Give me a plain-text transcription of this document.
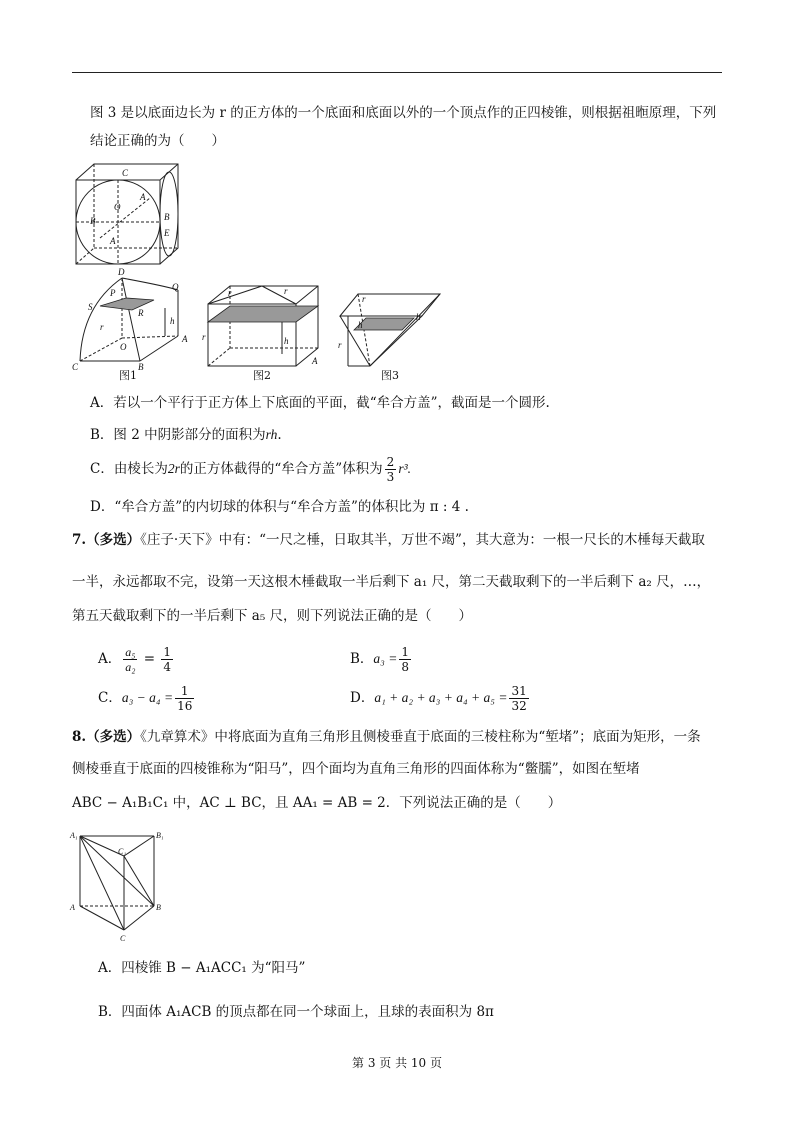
图 3 是以底面边长为 r 的正方体的一个底面和底面以外的一个顶点作的正四棱锥，则根据祖暅原理，下列
结论正确的为（　　）
C
A
O
B	B
E
A
D
P
Q
S
R
h
r
O
A
C	B
图1
r	r
r	h
A
图2
r
r
h
h
图3
A．若以一个平行于正方体上下底面的平面，截“牟合方盖”，截面是一个圆形.
B．图 2 中阴影部分的面积为rh.
C．由棱长为2r的正方体截得的“牟合方盖”体积为 $\frac{2}{3} r^3$.
D．“牟合方盖”的内切球的体积与“牟合方盖”的体积比为 π : 4 .
7.（多选）《庄子·天下》中有：“一尺之棰，日取其半，万世不竭”，其大意为：一根一尺长的木棰每天截取
一半，永远都取不完，设第一天这根木棰截取一半后剩下 a₁ 尺，第二天截取剩下的一半后剩下 a₂ 尺，…，
第五天截取剩下的一半后剩下 a₅ 尺，则下列说法正确的是（　　）
A． $\frac{\text{a₅}}{\text{a₂}} = \frac{1}{4}$	B．$a_3 = \frac{1}{8}$
C．$a_3 - a_4 = \frac{1}{16}$	D．$a_1 + a_2 + a_3 + a_4 + a_5 = \frac{31}{32}$
8.（多选）《九章算术》中将底面为直角三角形且侧棱垂直于底面的三棱柱称为“堑堵”；底面为矩形，一条
侧棱垂直于底面的四棱锥称为“阳马”，四个面均为直角三角形的四面体称为“鳖臑”，如图在堑堵
ABC − A₁B₁C₁ 中，AC ⊥ BC，且 AA₁ = AB = 2．下列说法正确的是（　　）
A₁	B₁
C₁
A	B
C
A．四棱锥 B − A₁ACC₁ 为“阳马”
B．四面体 A₁ACB 的顶点都在同一个球面上，且球的表面积为 8π
第 3 页 共 10 页
